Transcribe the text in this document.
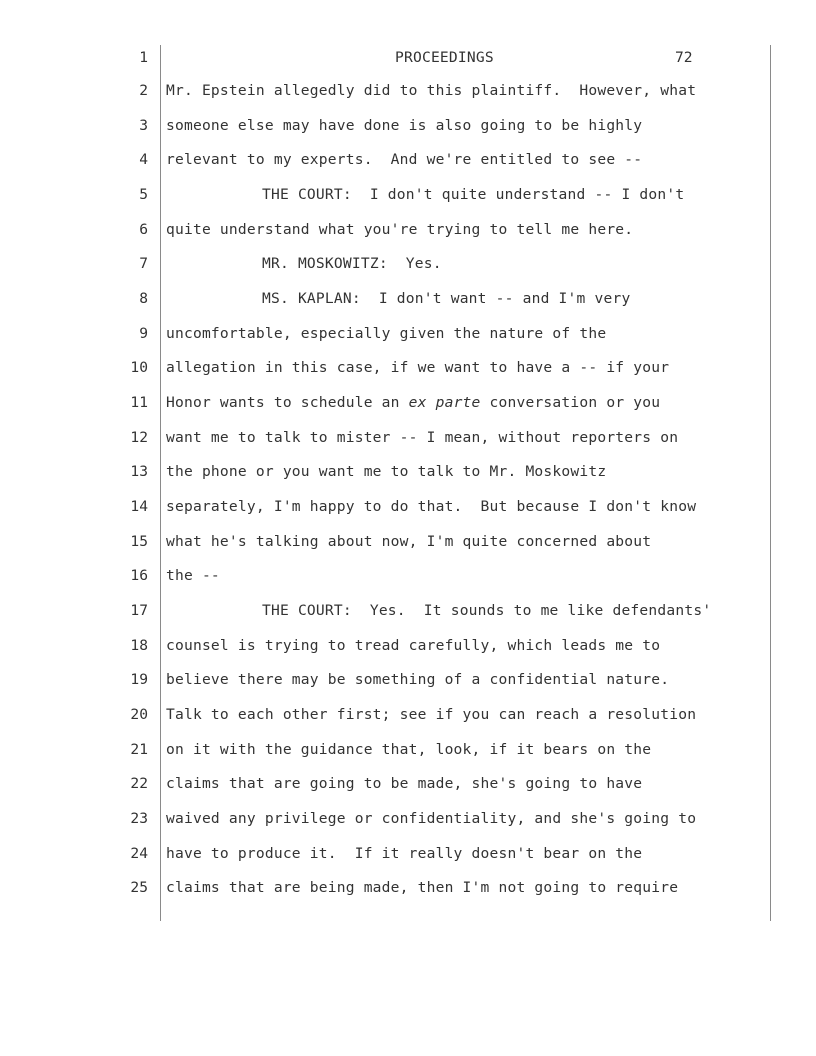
1	PROCEEDINGS	72
2 Mr. Epstein allegedly did to this plaintiff.  However, what
3 someone else may have done is also going to be highly
4 relevant to my experts.  And we're entitled to see --
5	THE COURT:  I don't quite understand -- I don't
6 quite understand what you're trying to tell me here.
7	MR. MOSKOWITZ:  Yes.
8	MS. KAPLAN:  I don't want -- and I'm very
9 uncomfortable, especially given the nature of the
10 allegation in this case, if we want to have a -- if your
11 Honor wants to schedule an ex parte conversation or you
12 want me to talk to mister -- I mean, without reporters on
13 the phone or you want me to talk to Mr. Moskowitz
14 separately, I'm happy to do that.  But because I don't know
15 what he's talking about now, I'm quite concerned about
16 the --
17	THE COURT:  Yes.  It sounds to me like defendants'
18 counsel is trying to tread carefully, which leads me to
19 believe there may be something of a confidential nature.
20 Talk to each other first; see if you can reach a resolution
21 on it with the guidance that, look, if it bears on the
22 claims that are going to be made, she's going to have
23 waived any privilege or confidentiality, and she's going to
24 have to produce it.  If it really doesn't bear on the
25 claims that are being made, then I'm not going to require
